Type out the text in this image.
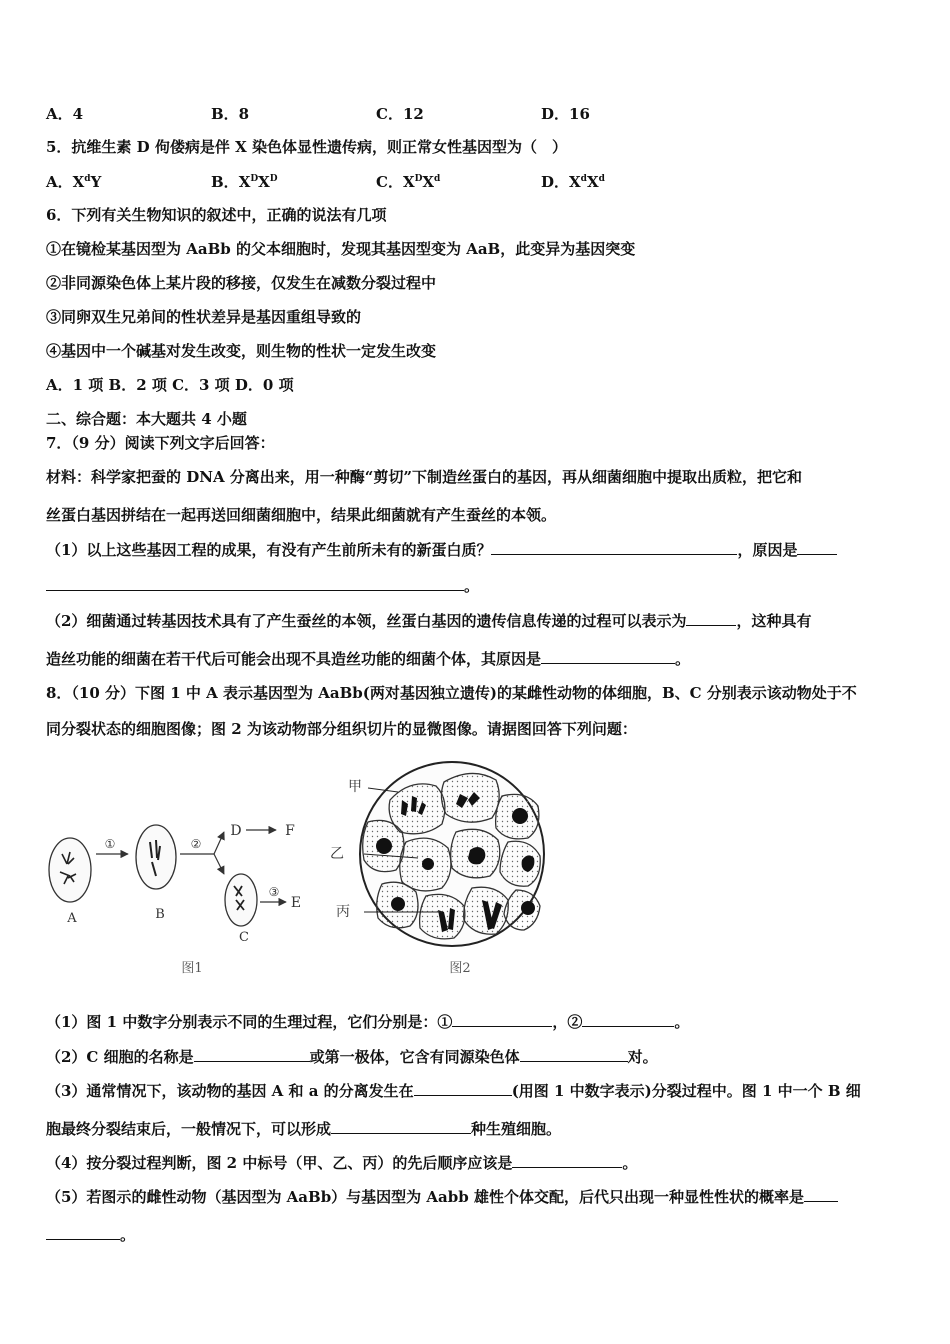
A．4	B．8	C．12	D．16
5．抗维生素 D 佝偻病是伴 X 染色体显性遗传病，则正常女性基因型为（　）
A．$X^dY$	B．$X^DX^D$	C．$X^DX^d$	D．$X^dX^d$
6．下列有关生物知识的叙述中，正确的说法有几项
①在镜检某基因型为 AaBb 的父本细胞时，发现其基因型变为 AaB，此变异为基因突变
②非同源染色体上某片段的移接，仅发生在减数分裂过程中
③同卵双生兄弟间的性状差异是基因重组导致的
④基因中一个碱基对发生改变，则生物的性状一定发生改变
A．1 项 B．2 项 C．3 项 D．0 项
二、综合题：本大题共 4 小题
7．（9 分）阅读下列文字后回答：
材料：科学家把蚕的 DNA 分离出来，用一种酶“剪切”下制造丝蛋白的基因，再从细菌细胞中提取出质粒，把它和
丝蛋白基因拼结在一起再送回细菌细胞中，结果此细菌就有产生蚕丝的本领。
（1）以上这些基因工程的成果，有没有产生前所未有的新蛋白质？	，原因是
。
（2）细菌通过转基因技术具有了产生蚕丝的本领，丝蛋白基因的遗传信息传递的过程可以表示为	，这种具有
造丝功能的细菌在若干代后可能会出现不具造丝功能的细菌个体，其原因是	。
8．（10 分）下图 1 中 A 表示基因型为 AaBb(两对基因独立遗传)的某雌性动物的体细胞，B、C 分别表示该动物处于不
同分裂状态的细胞图像；图 2 为该动物部分组织切片的显微图像。请据图回答下列问题：
A
①
B
②
D	F
C
③
E
图1
甲
乙
丙
图2
（1）图 1 中数字分别表示不同的生理过程，它们分别是：①	，②	。
（2）C 细胞的名称是	或第一极体，它含有同源染色体	对。
（3）通常情况下，该动物的基因 A 和 a 的分离发生在	(用图 1 中数字表示)分裂过程中。图 1 中一个 B 细
胞最终分裂结束后，一般情况下，可以形成	种生殖细胞。
（4）按分裂过程判断，图 2 中标号（甲、乙、丙）的先后顺序应该是	。
（5）若图示的雌性动物（基因型为 AaBb）与基因型为 Aabb 雄性个体交配，后代只出现一种显性性状的概率是
。
